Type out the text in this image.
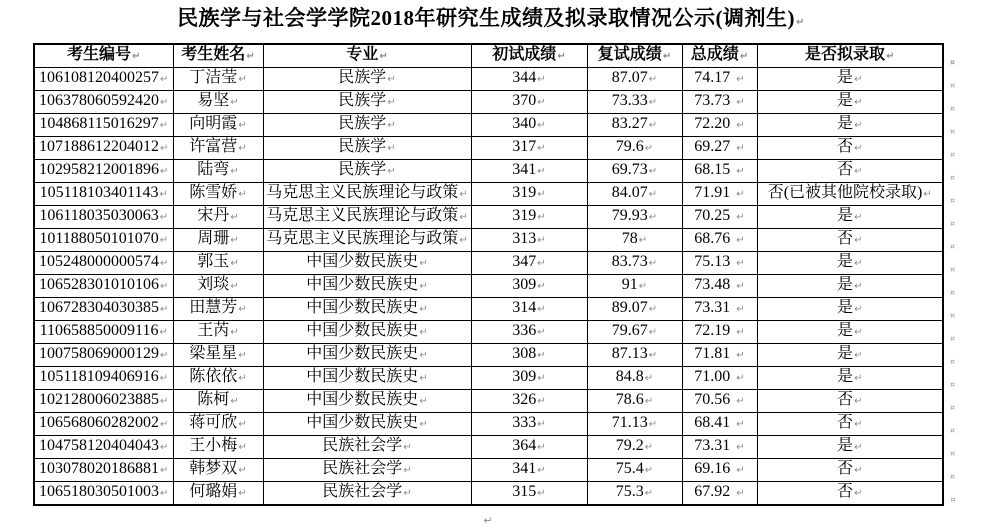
民族学与社会学学院2018年研究生成绩及拟录取情况公示(调剂生)↵
考生编号↵	考生姓名↵	专业↵	初试成绩↵	复试成绩↵	总成绩↵	是否拟录取↵	¤
106108120400257↵	丁洁莹↵	民族学↵	344↵	87.07↵	74.17 ↵	是↵	¤
106378060592420↵	易坚↵	民族学↵	370↵	73.33↵	73.73 ↵	是↵	¤
104868115016297↵	向明霞↵	民族学↵	340↵	83.27↵	72.20 ↵	是↵	¤
107188612204012↵	许富营↵	民族学↵	317↵	79.6↵	69.27 ↵	否↵	¤
102958212001896↵	陆弯↵	民族学↵	341↵	69.73↵	68.15 ↵	否↵	¤
105118103401143↵	陈雪娇↵	马克思主义民族理论与政策↵	319↵	84.07↵	71.91 ↵	否(已被其他院校录取)↵	¤
106118035030063↵	宋丹↵	马克思主义民族理论与政策↵	319↵	79.93↵	70.25 ↵	是↵	¤
101188050101070↵	周珊↵	马克思主义民族理论与政策↵	313↵	78↵	68.76 ↵	否↵	¤
105248000000574↵	郭玉↵	中国少数民族史↵	347↵	83.73↵	75.13 ↵	是↵	¤
106528301010106↵	刘琰↵	中国少数民族史↵	309↵	91↵	73.48 ↵	是↵	¤
106728304030385↵	田慧芳↵	中国少数民族史↵	314↵	89.07↵	73.31 ↵	是↵	¤
110658850009116↵	王芮↵	中国少数民族史↵	336↵	79.67↵	72.19 ↵	是↵	¤
100758069000129↵	梁星星↵	中国少数民族史↵	308↵	87.13↵	71.81 ↵	是↵	¤
105118109406916↵	陈依依↵	中国少数民族史↵	309↵	84.8↵	71.00 ↵	是↵	¤
102128006023885↵	陈柯↵	中国少数民族史↵	326↵	78.6↵	70.56 ↵	否↵	¤
106568060282002↵	蒋可欣↵	中国少数民族史↵	333↵	71.13↵	68.41 ↵	否↵	¤
104758120404043↵	王小梅↵	民族社会学↵	364↵	79.2↵	73.31 ↵	是↵	¤
103078020186881↵	韩梦双↵	民族社会学↵	341↵	75.4↵	69.16 ↵	否↵	¤
106518030501003↵	何璐娟↵	民族社会学↵	315↵	75.3↵	67.92 ↵	否↵	¤
↵
